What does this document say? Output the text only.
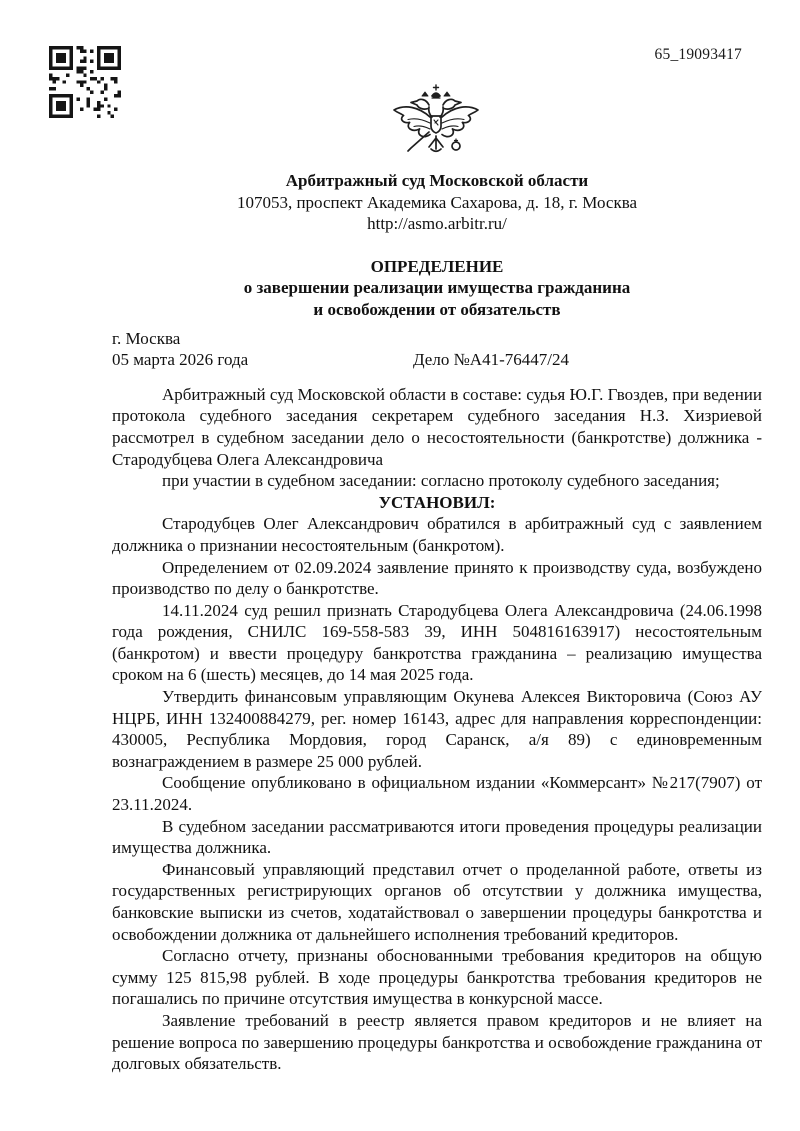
65_19093417
Арбитражный суд Московской области
107053, проспект Академика Сахарова, д. 18, г. Москва
http://asmo.arbitr.ru/
ОПРЕДЕЛЕНИЕ
о завершении реализации имущества гражданина
и освобождении от обязательств
г. Москва
05 марта 2026 года	Дело №А41-76447/24

Арбитражный суд Московской области в составе: судья Ю.Г. Гвоздев, при ведении протокола судебного заседания секретарем судебного заседания Н.З. Хизриевой рассмотрел в судебном заседании дело о несостоятельности (банкротстве) должника - Стародубцева Олега Александровича

при участии в судебном заседании: согласно протоколу судебного заседания;

УСТАНОВИЛ:

Стародубцев Олег Александрович обратился в арбитражный суд с заявлением должника о признании несостоятельным (банкротом).

Определением от 02.09.2024 заявление принято к производству суда, возбуждено производство по делу о банкротстве.

14.11.2024 суд решил признать Стародубцева Олега Александровича (24.06.1998 года рождения, СНИЛС 169-558-583 39, ИНН 504816163917) несостоятельным (банкротом) и ввести процедуру банкротства гражданина – реализацию имущества сроком на 6 (шесть) месяцев, до 14 мая 2025 года.

Утвердить финансовым управляющим Окунева Алексея Викторовича (Союз АУ НЦРБ, ИНН 132400884279, рег. номер 16143, адрес для направления корреспонденции: 430005, Республика Мордовия, город Саранск, а/я 89) с единовременным вознаграждением в размере 25 000 рублей.

Сообщение опубликовано в официальном издании «Коммерсант» №217(7907) от 23.11.2024.

В судебном заседании рассматриваются итоги проведения процедуры реализации имущества должника.

Финансовый управляющий представил отчет о проделанной работе, ответы из государственных регистрирующих органов об отсутствии у должника имущества, банковские выписки из счетов, ходатайствовал о завершении процедуры банкротства и освобождении должника от дальнейшего исполнения требований кредиторов.

Согласно отчету, признаны обоснованными требования кредиторов на общую сумму 125 815,98 рублей. В ходе процедуры банкротства требования кредиторов не погашались по причине отсутствия имущества в конкурсной массе.

Заявление требований в реестр является правом кредиторов и не влияет на решение вопроса по завершению процедуры банкротства и освобождение гражданина от долговых обязательств.
